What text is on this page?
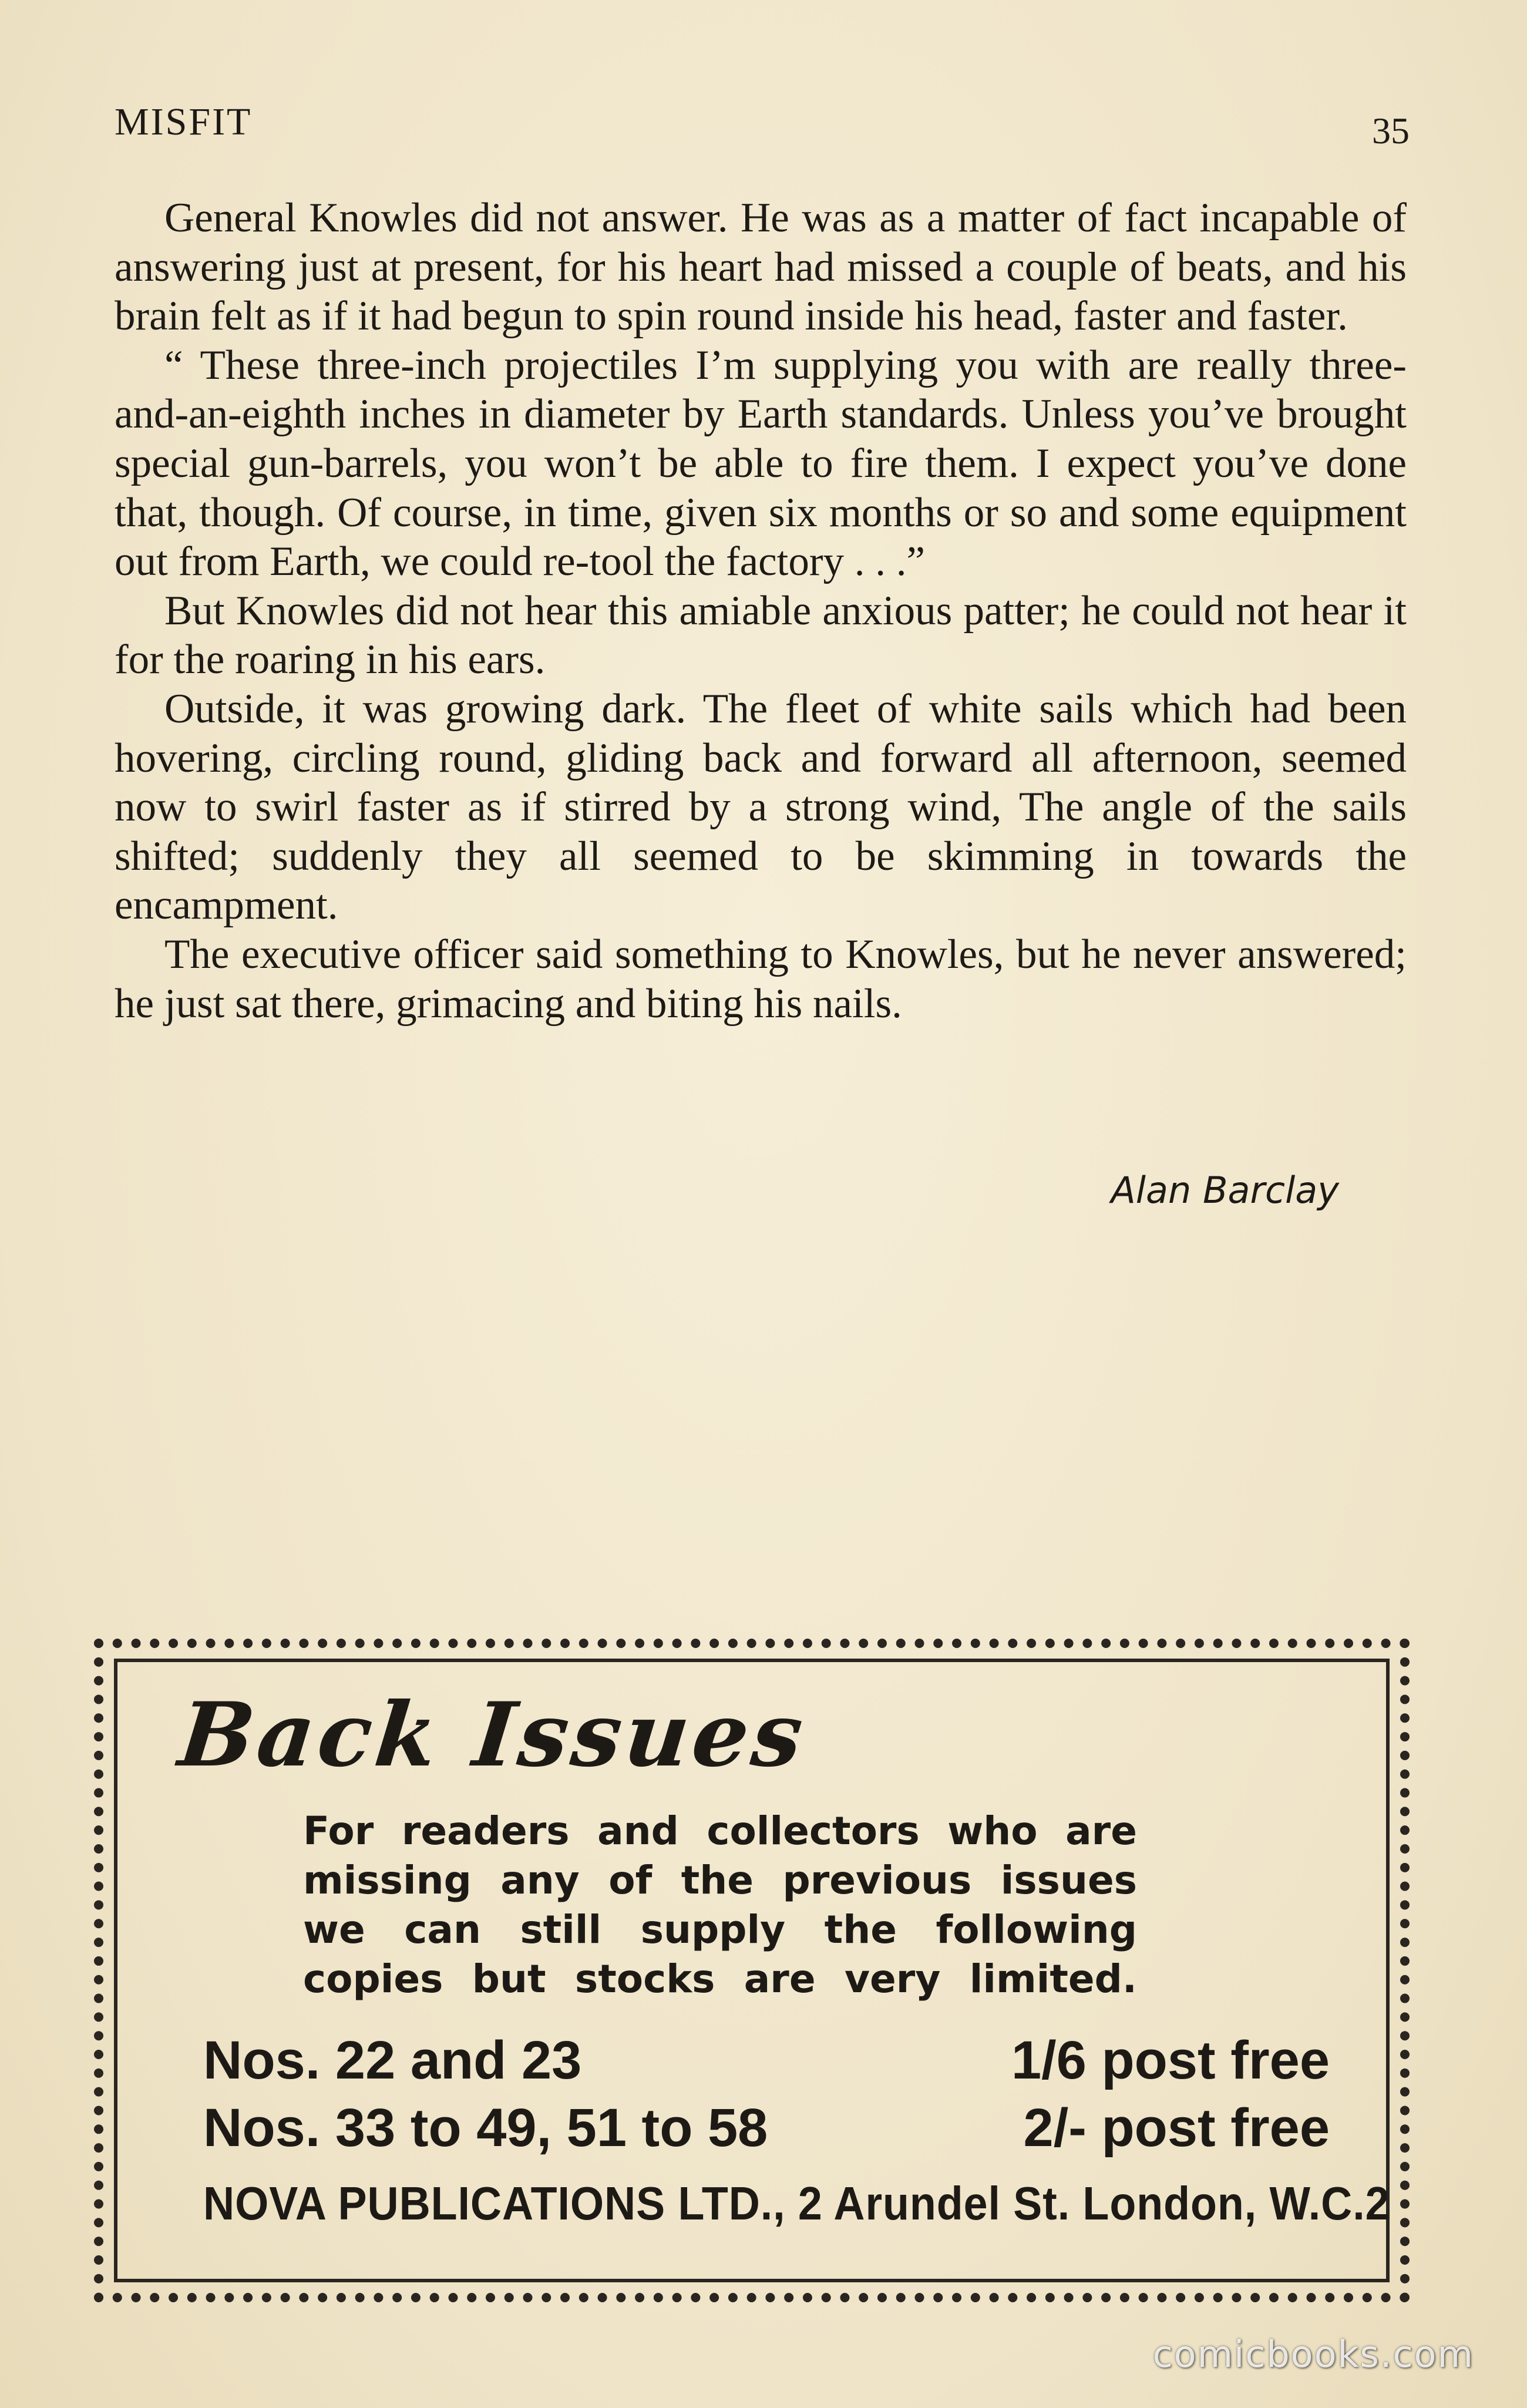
MISFIT	35

General Knowles did not answer. He was as a matter of fact incapable of answering just at present, for his heart had missed a couple of beats, and his brain felt as if it had begun to spin round inside his head, faster and faster.

“ These three-inch projectiles I’m supplying you with are really three-and-an-eighth inches in diameter by Earth standards. Unless you’ve brought special gun-barrels, you won’t be able to fire them. I expect you’ve done that, though. Of course, in time, given six months or so and some equipment out from Earth, we could re-tool the factory . . .”

But Knowles did not hear this amiable anxious patter; he could not hear it for the roaring in his ears.

Outside, it was growing dark. The fleet of white sails which had been hovering, circling round, gliding back and forward all afternoon, seemed now to swirl faster as if stirred by a strong wind, The angle of the sails shifted; suddenly they all seemed to be skimming in towards the encampment.

The executive officer said something to Knowles, but he never answered; he just sat there, grimacing and biting his nails.

Alan Barclay
Back Issues
For readers and collectors who are
missing any of the previous issues
we can still supply the following
copies but stocks are very limited.
Nos. 22 and 23	1/6 post free
Nos. 33 to 49, 51 to 58	2/- post free
NOVA PUBLICATIONS LTD., 2 Arundel St. London, W.C.2
comicbooks.com
